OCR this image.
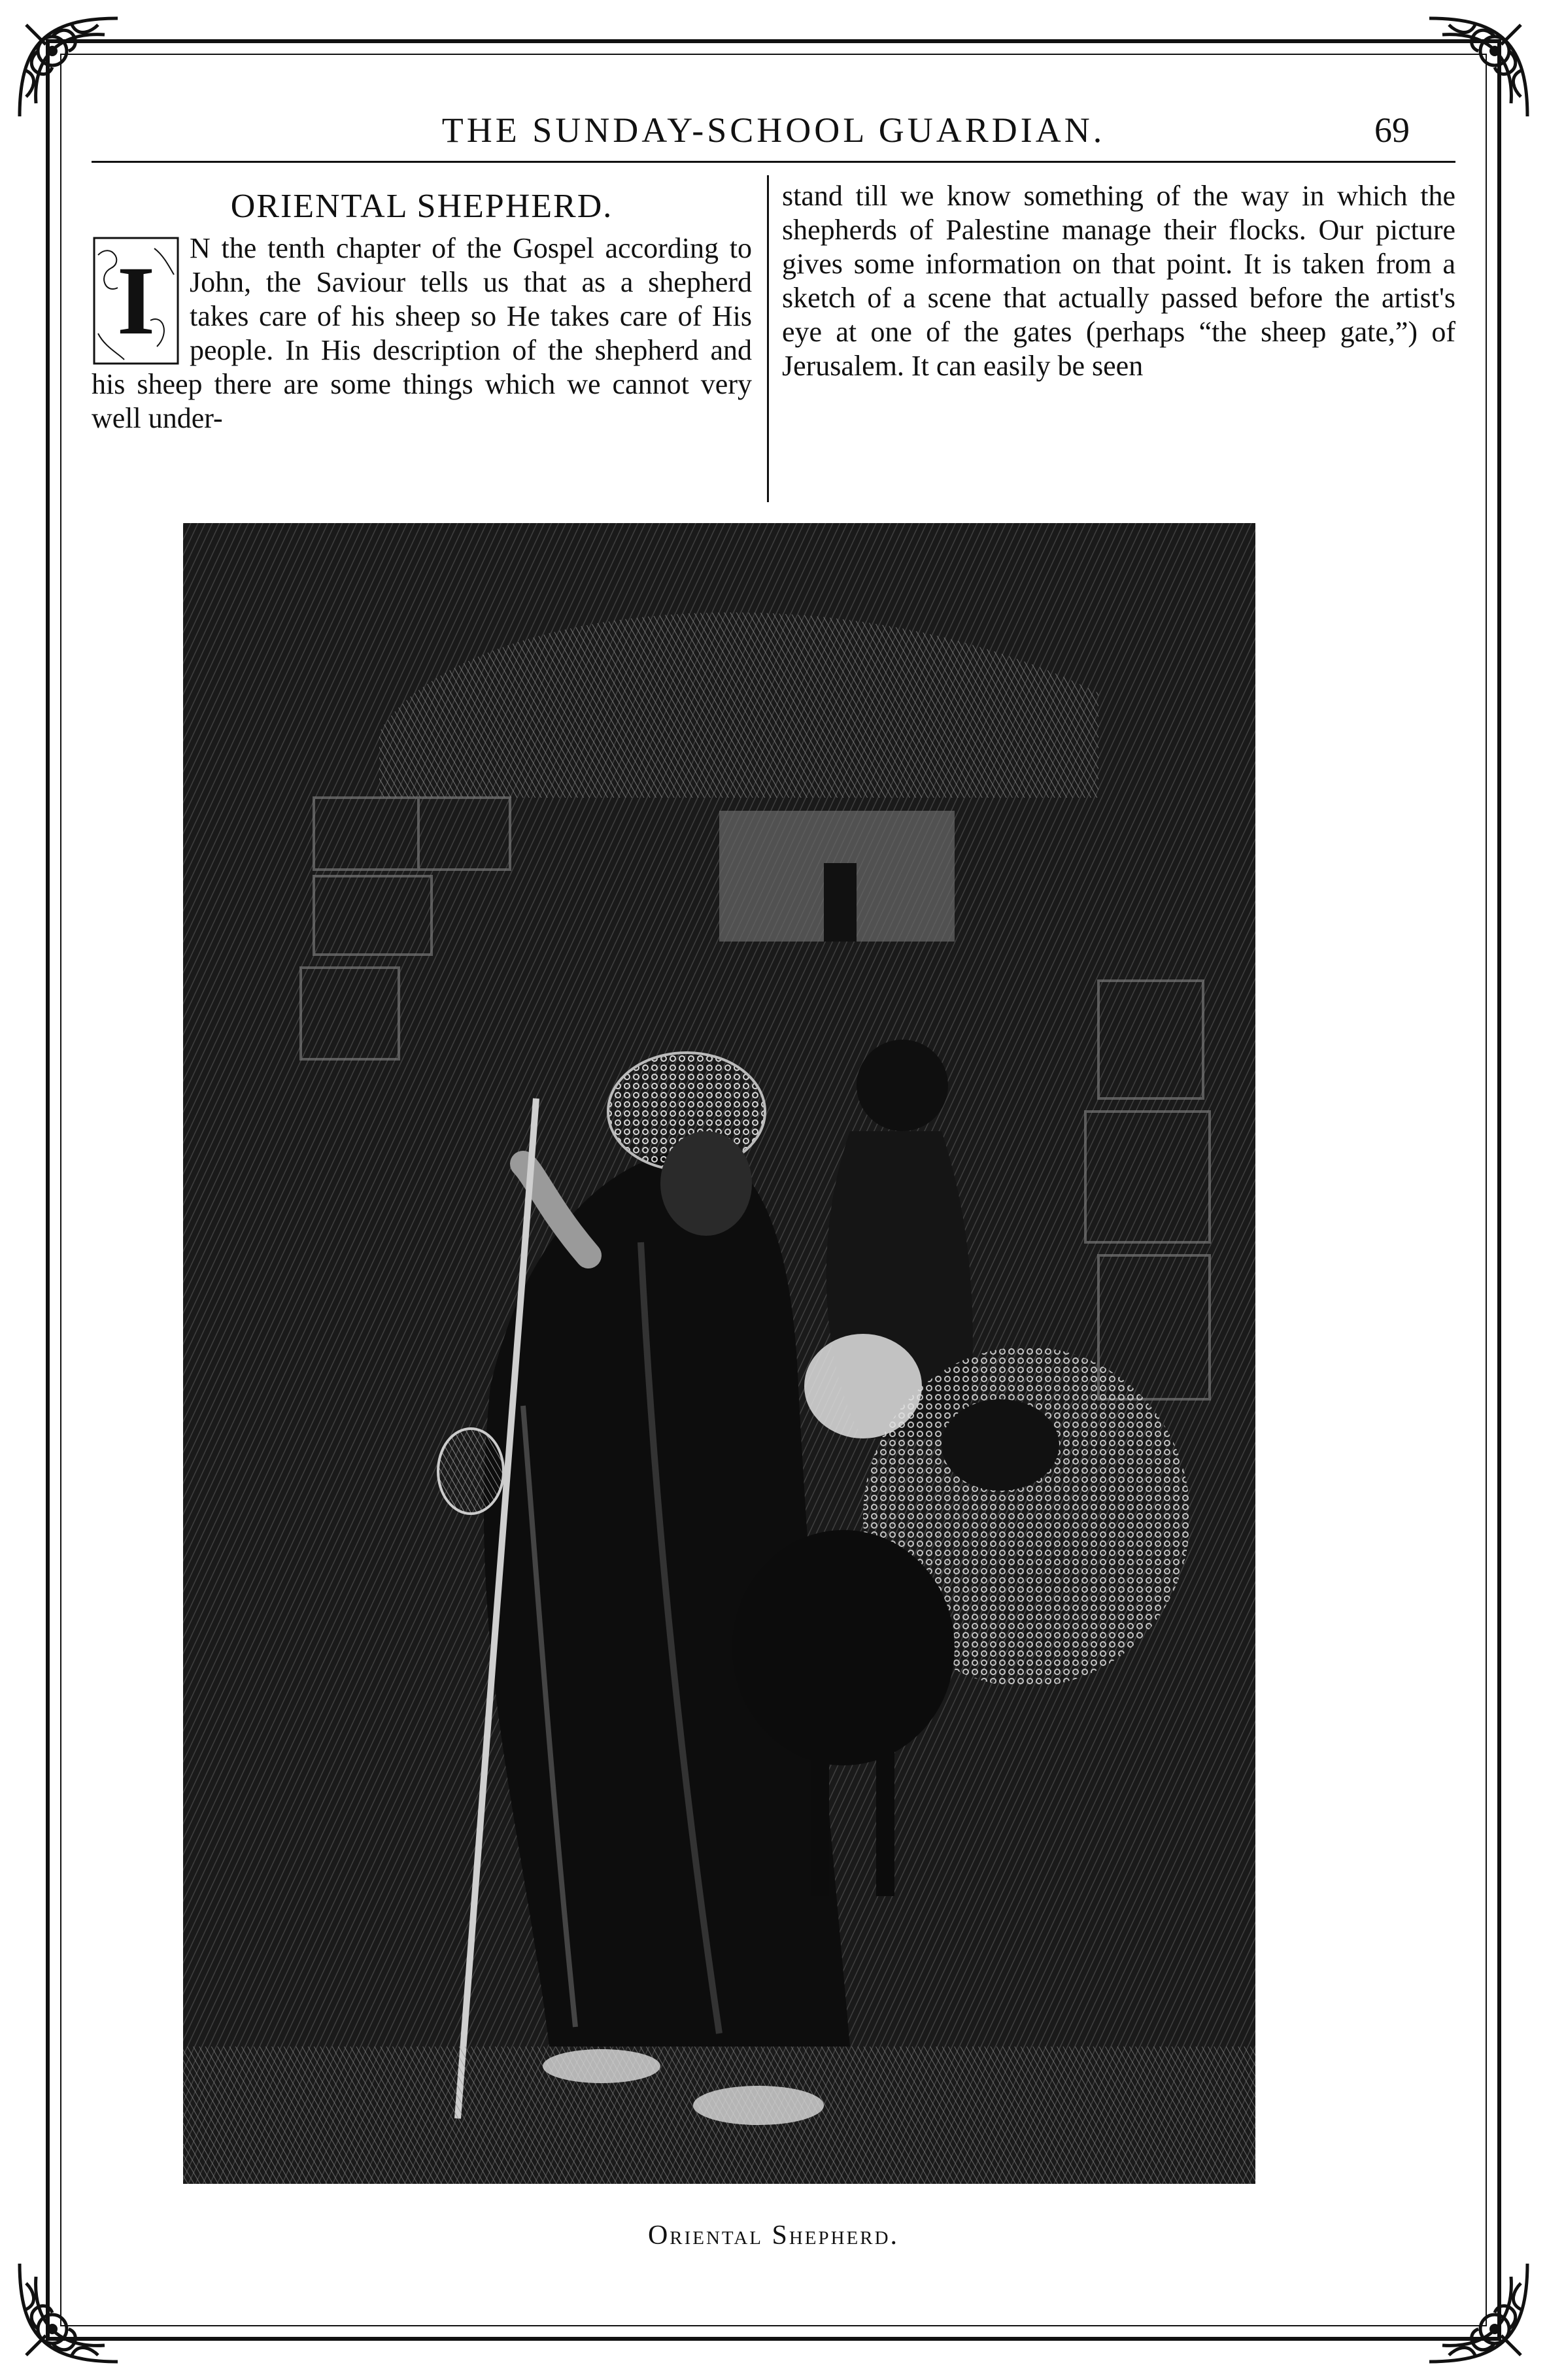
THE SUNDAY-SCHOOL GUARDIAN.	69
ORIENTAL SHEPHERD.

I N the tenth chapter of the Gospel according to John, the Saviour tells us that as a shepherd takes care of his sheep so He takes care of His people. In His description of the shepherd and his sheep there are some things which we cannot very well under-

stand till we know something of the way in which the shepherds of Palestine manage their flocks. Our picture gives some information on that point. It is taken from a sketch of a scene that actually passed before the artist's eye at one of the gates (perhaps “the sheep gate,”) of Jerusalem. It can easily be seen

Oriental Shepherd.
